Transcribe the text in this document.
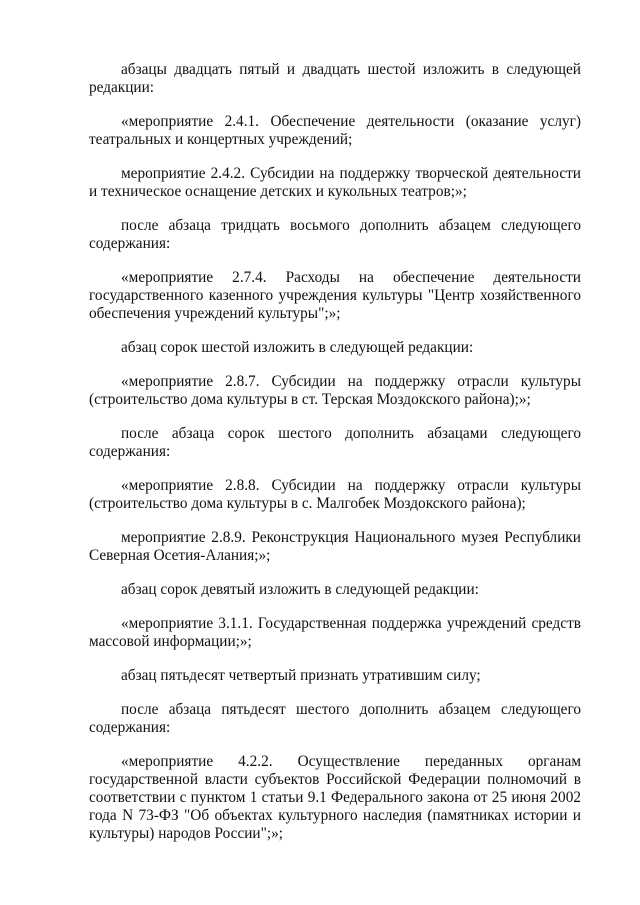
абзацы двадцать пятый и двадцать шестой изложить в следующей редакции:

«мероприятие 2.4.1. Обеспечение деятельности (оказание услуг) театральных и концертных учреждений;

мероприятие 2.4.2. Субсидии на поддержку творческой деятельности и техническое оснащение детских и кукольных театров;»;

после абзаца тридцать восьмого дополнить абзацем следующего содержания:

«мероприятие 2.7.4. Расходы на обеспечение деятельности государственного казенного учреждения культуры "Центр хозяйственного обеспечения учреждений культуры";»;

абзац сорок шестой изложить в следующей редакции:

«мероприятие 2.8.7. Субсидии на поддержку отрасли культуры (строительство дома культуры в ст. Терская Моздокского района);»;

после абзаца сорок шестого дополнить абзацами следующего содержания:

«мероприятие 2.8.8. Субсидии на поддержку отрасли культуры (строительство дома культуры в с. Малгобек Моздокского района);

мероприятие 2.8.9. Реконструкция Национального музея Республики Северная Осетия-Алания;»;

абзац сорок девятый изложить в следующей редакции:

«мероприятие 3.1.1. Государственная поддержка учреждений средств массовой информации;»;

абзац пятьдесят четвертый признать утратившим силу;

после абзаца пятьдесят шестого дополнить абзацем следующего содержания:

«мероприятие 4.2.2. Осуществление переданных органам государственной власти субъектов Российской Федерации полномочий в соответствии с пунктом 1 статьи 9.1 Федерального закона от 25 июня 2002 года N 73-ФЗ "Об объектах культурного наследия (памятниках истории и культуры) народов России";»;
